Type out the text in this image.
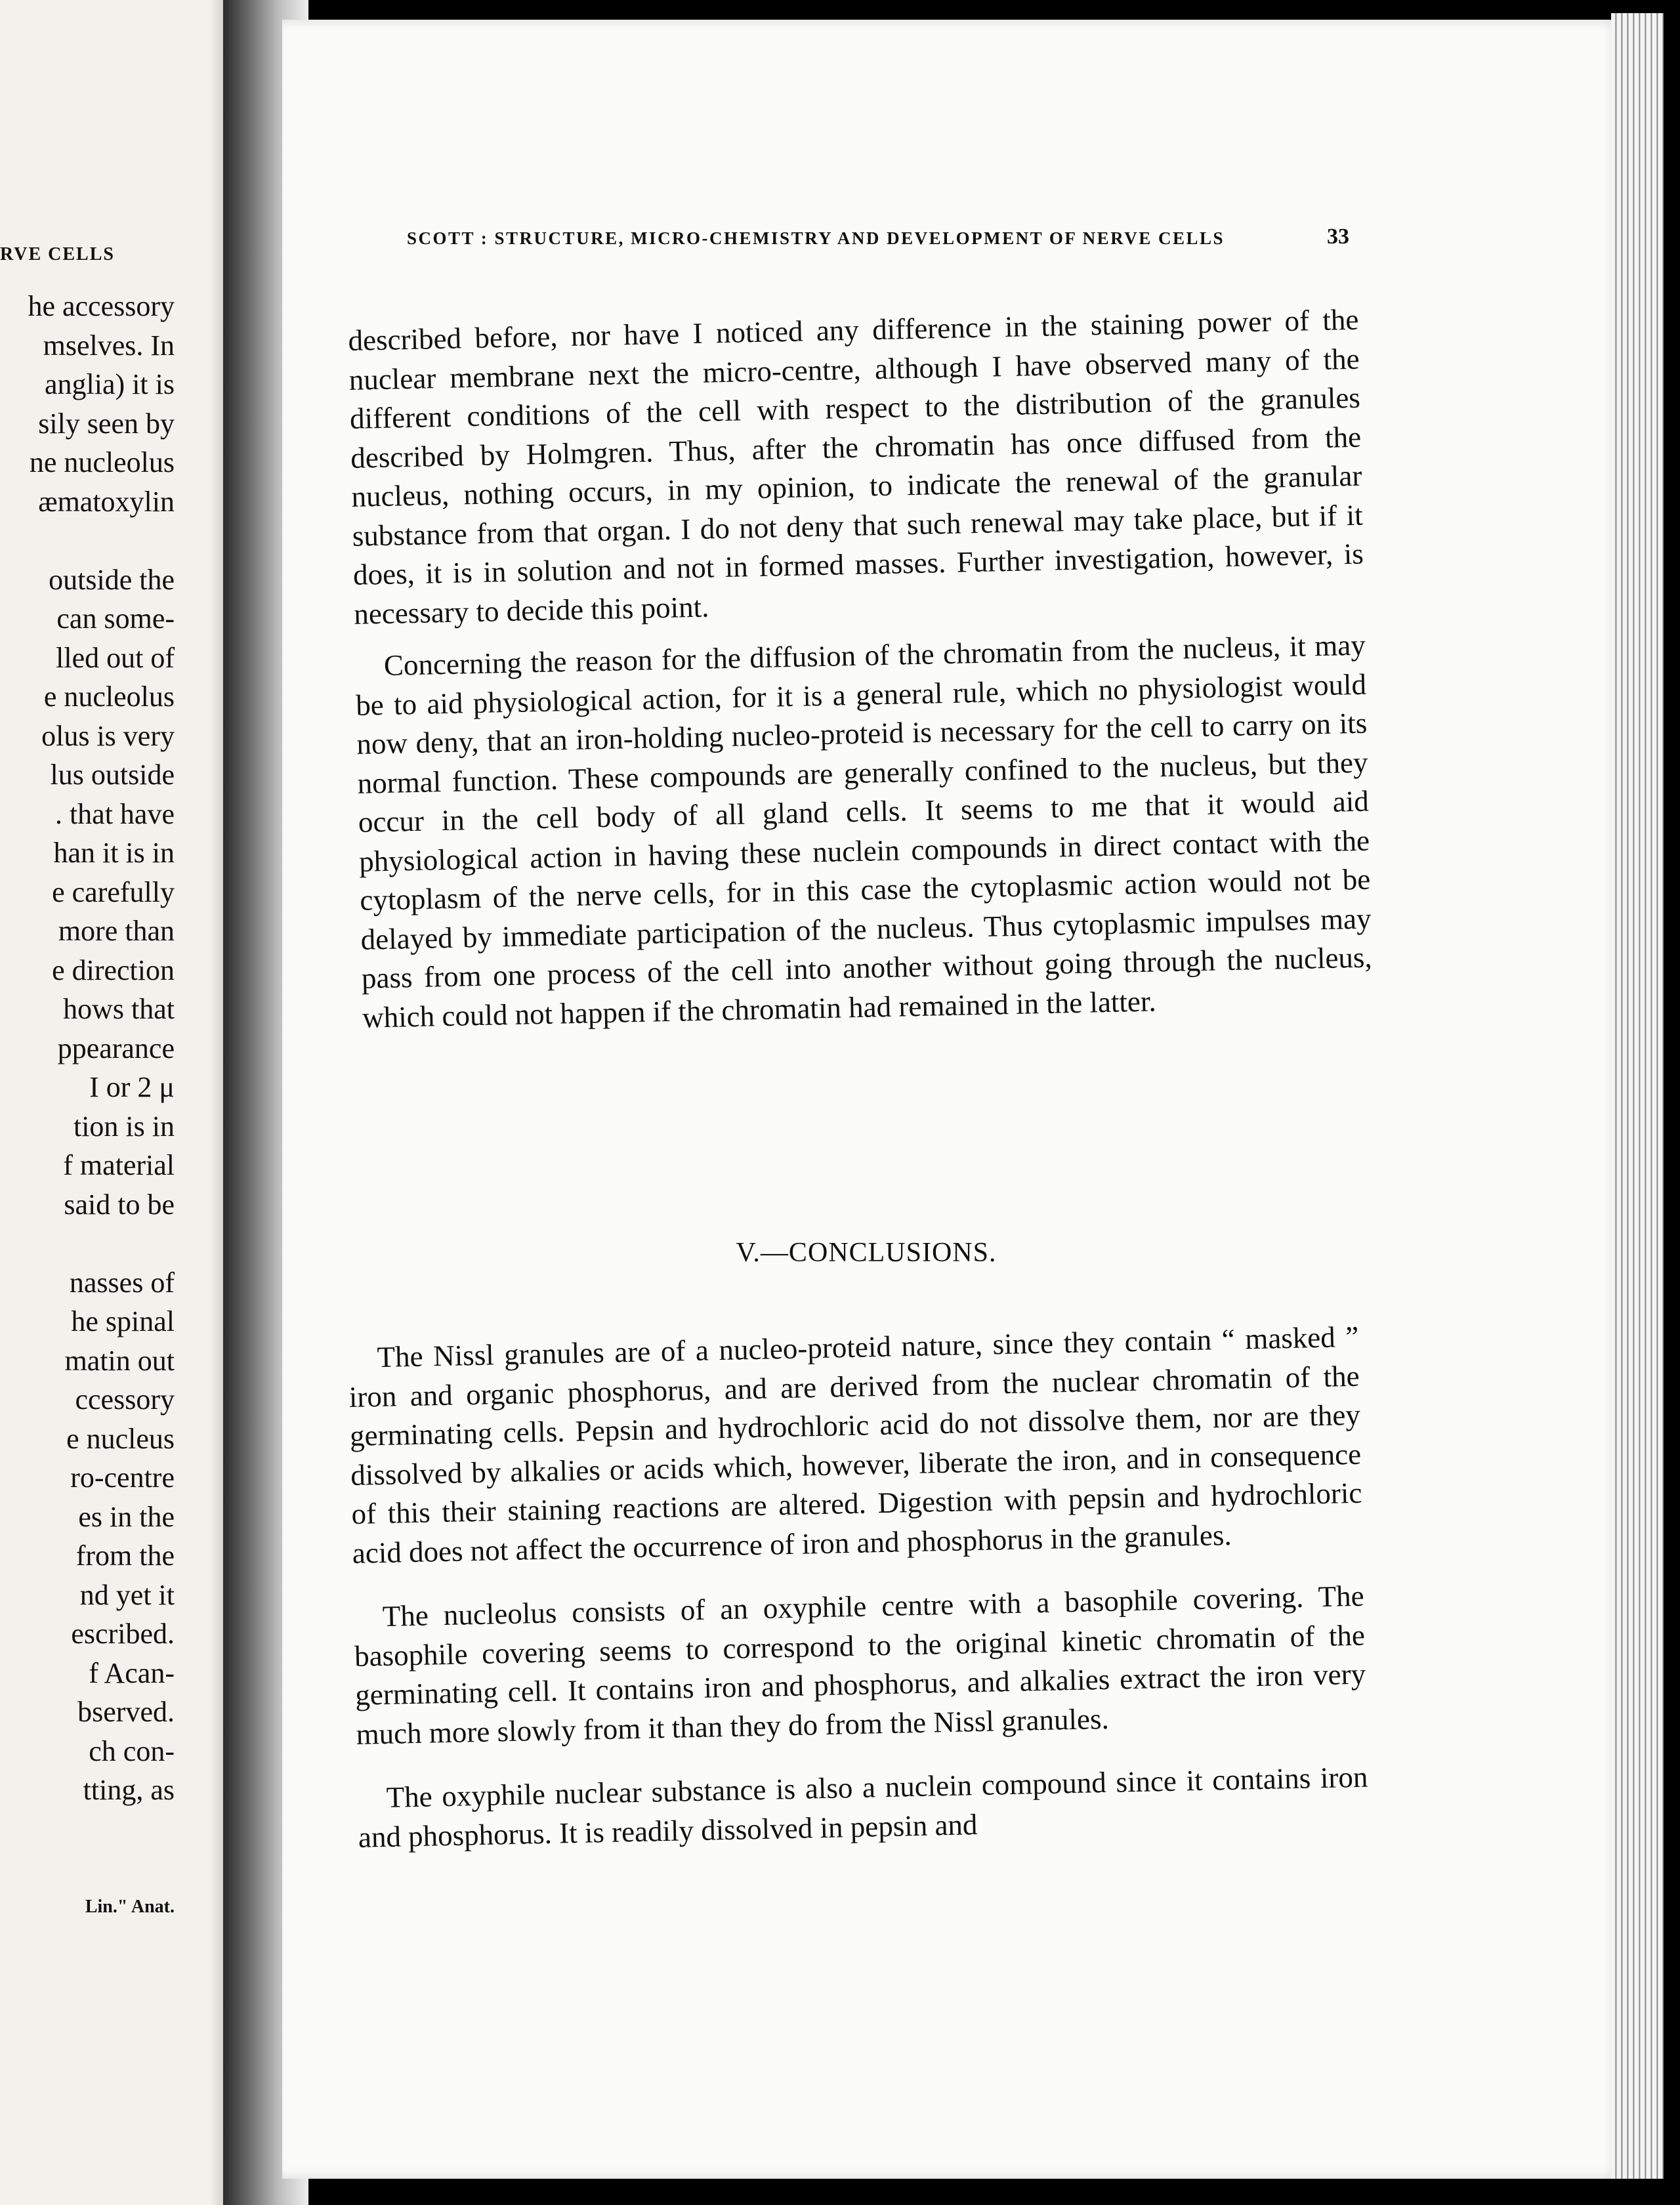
RVE CELLS
he accessory
mselves. In
anglia) it is
sily seen by
ne nucleolus
æmatoxylin
outside the
can some-
lled out of
e nucleolus
olus is very
lus outside
. that have
han it is in
e carefully
more than
e direction
hows that
ppearance
I or 2 μ
tion is in
f material
said to be
nasses of
he spinal
matin out
ccessory
e nucleus
ro-centre
es in the
from the
nd yet it
escribed.
f Acan-
bserved.
ch con-
tting, as
Lin." Anat.
SCOTT : STRUCTURE, MICRO-CHEMISTRY AND DEVELOPMENT OF NERVE CELLS	33

described before, nor have I noticed any difference in the staining power of the nuclear membrane next the micro-centre, although I have observed many of the different conditions of the cell with respect to the distribution of the granules described by Holmgren. Thus, after the chromatin has once diffused from the nucleus, nothing occurs, in my opinion, to indicate the renewal of the granular substance from that organ. I do not deny that such renewal may take place, but if it does, it is in solution and not in formed masses. Further investigation, however, is necessary to decide this point.

Concerning the reason for the diffusion of the chromatin from the nucleus, it may be to aid physiological action, for it is a general rule, which no physiologist would now deny, that an iron-holding nucleo-proteid is necessary for the cell to carry on its normal function. These compounds are generally confined to the nucleus, but they occur in the cell body of all gland cells. It seems to me that it would aid physiological action in having these nuclein compounds in direct contact with the cytoplasm of the nerve cells, for in this case the cytoplasmic action would not be delayed by immediate participation of the nucleus. Thus cytoplasmic impulses may pass from one process of the cell into another without going through the nucleus, which could not happen if the chromatin had remained in the latter.

V.—CONCLUSIONS.

The Nissl granules are of a nucleo-proteid nature, since they contain “ masked ” iron and organic phosphorus, and are derived from the nuclear chromatin of the germinating cells. Pepsin and hydrochloric acid do not dissolve them, nor are they dissolved by alkalies or acids which, however, liberate the iron, and in consequence of this their staining reactions are altered. Digestion with pepsin and hydrochloric acid does not affect the occurrence of iron and phosphorus in the granules.

The nucleolus consists of an oxyphile centre with a basophile covering. The basophile covering seems to correspond to the original kinetic chromatin of the germinating cell. It contains iron and phosphorus, and alkalies extract the iron very much more slowly from it than they do from the Nissl granules.

The oxyphile nuclear substance is also a nuclein compound since it contains iron and phosphorus. It is readily dissolved in pepsin and
